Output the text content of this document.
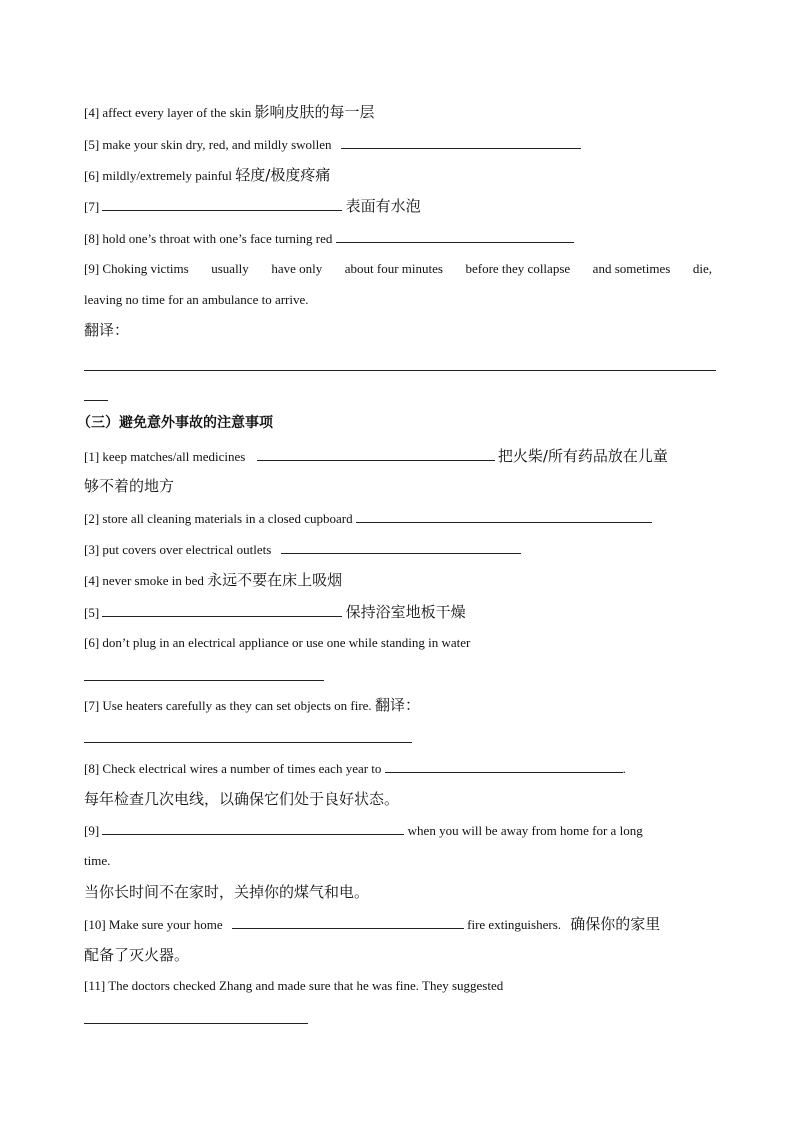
[4] affect every layer of the skin 影响皮肤的每一层
[5] make your skin dry, red, and mildly swollen
[6] mildly/extremely painful 轻度/极度疼痛
[7]	表面有水泡
[8] hold one’s throat with one’s face turning red
[9] Choking victims usually have only about four minutes before they collapse and sometimes die,
leaving no time for an ambulance to arrive.
翻译：
（三）避免意外事故的注意事项
[1] keep matches/all medicines	把火柴/所有药品放在儿童
够不着的地方
[2] store all cleaning materials in a closed cupboard
[3] put covers over electrical outlets
[4] never smoke in bed 永远不要在床上吸烟
[5]	保持浴室地板干燥
[6] don’t plug in an electrical appliance or use one while standing in water
[7] Use heaters carefully as they can set objects on fire. 翻译：
[8] Check electrical wires a number of times each year to	.
每年检查几次电线，以确保它们处于良好状态。
[9]	when you will be away from home for a long
time.
当你长时间不在家时，关掉你的煤气和电。
[10] Make sure your home	fire extinguishers. 确保你的家里
配备了灭火器。
[11] The doctors checked Zhang and made sure that he was fine. They suggested
